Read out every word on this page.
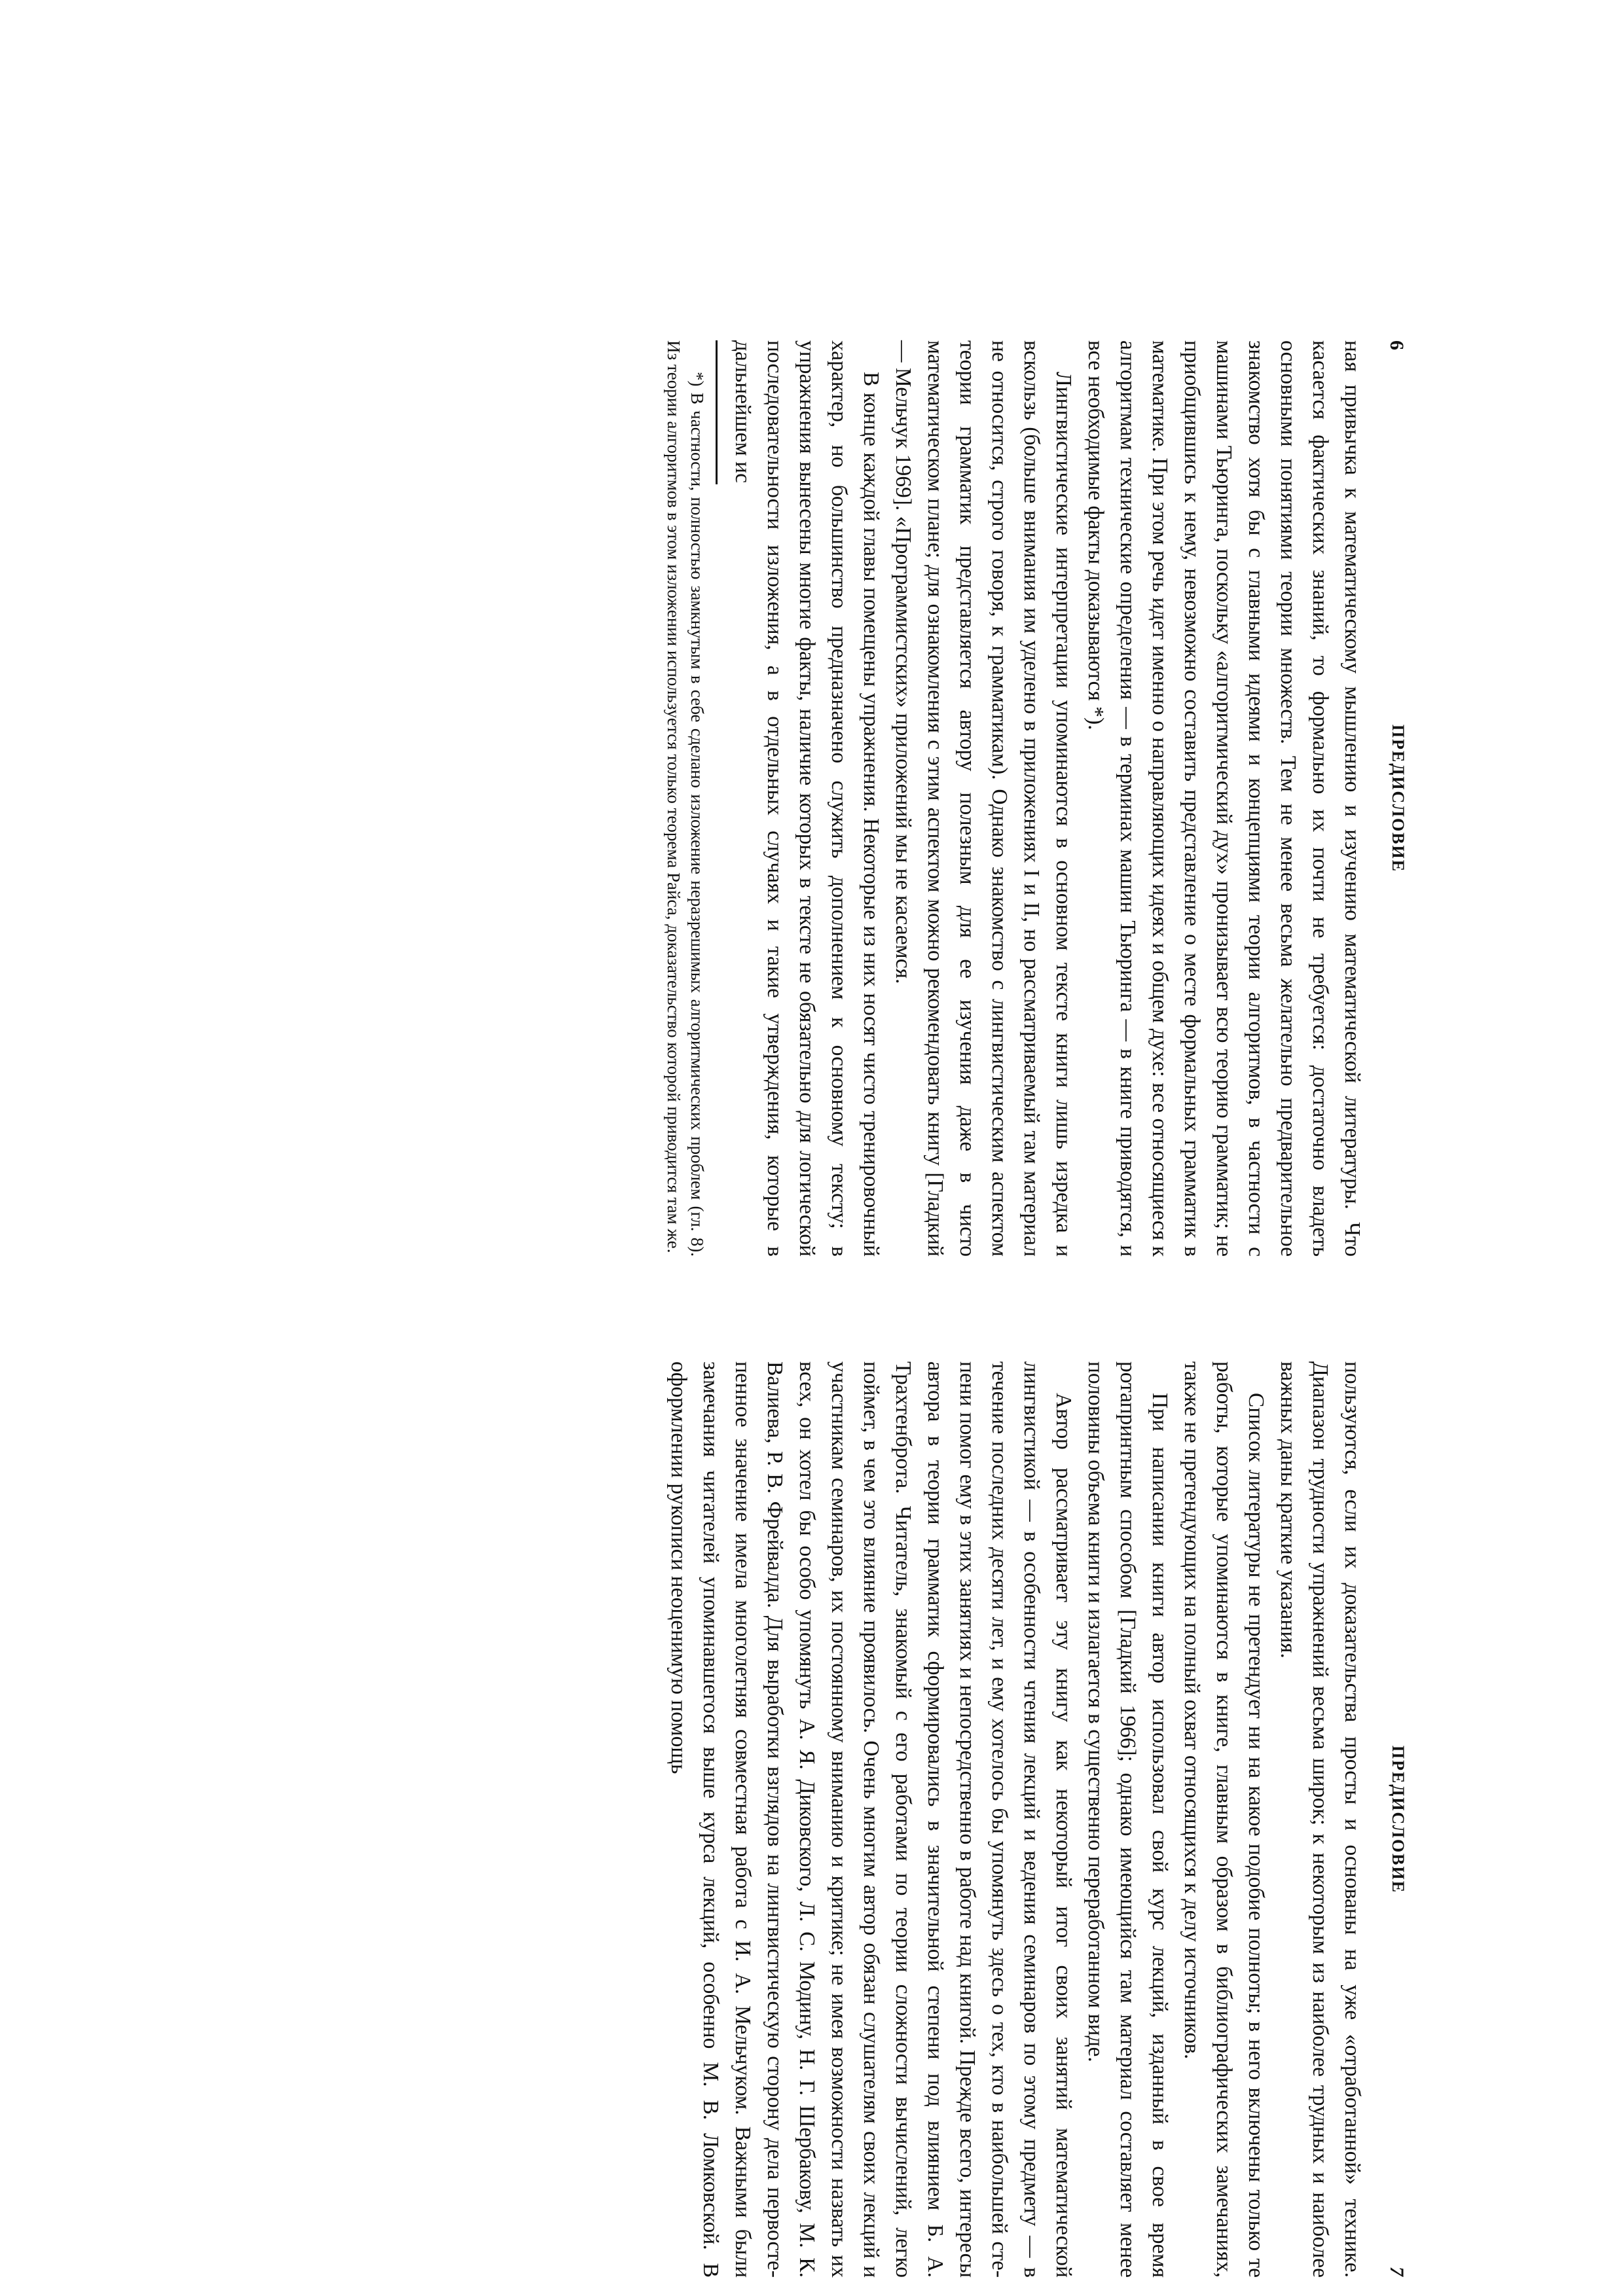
6
ПРЕДИСЛОВИЕ

ная привычка к математическому мышлению и изучению математической литературы. Что касается фактических знаний, то формально их почти не требуется: достаточно владеть основными понятиями теории множеств. Тем не менее весьма желательно предварительное знакомство хотя бы с главными идеями и концепциями теории алгоритмов, в частности с машинами Тьюринга, поскольку «алгоритмический дух» пронизывает всю теорию грамматик; не приобщившись к нему, невозможно составить представление о месте формальных грамматик в математике. При этом речь идет именно о направляющих идеях и общем духе: все относящиеся к алгоритмам технические определения — в терминах машин Тьюринга — в книге приводятся, и все необходимые факты доказываются *).

Лингвистические интерпретации упоминаются в основном тексте книги лишь изредка и вскользь (больше внимания им уделено в приложениях I и II, но рассматриваемый там материал не относится, строго говоря, к грамматикам). Однако знакомство с лингвистическим аспектом теории грамматик представляется автору полезным для ее изучения даже в чисто математическом плане; для ознакомления с этим аспектом можно рекомендовать книгу [Гладкий — Мельчук 1969]. «Программистских» приложений мы не касаемся.

В конце каждой главы помещены упражнения. Некоторые из них носят чисто тренировочный характер, но большинство предназначено служить дополнением к основному тексту; в упражнения вынесены многие факты, наличие которых в тексте не обязательно для логической последовательности изложения, а в отдельных случаях и такие утверждения, которые в дальнейшем ис

*) В частности, полностью замкнутым в себе сделано изложение неразрешимых алгоритмических проблем (гл. 8). Из теории алгоритмов в этом изложении используется только теорема Райса, доказательство которой приводится там же.

ПРЕДИСЛОВИЕ
7

пользуются, если их доказательства просты и основаны на уже «отработанной» технике. Диапазон трудности упражнений весьма широк; к некоторым из наиболее трудных и наиболее важных даны краткие указания.

Список литературы не претендует ни на какое подобие полноты; в него включены только те работы, которые упоминаются в книге, главным образом в библиографических замечаниях, также не претендующих на полный охват относящихся к делу источников.

При написании книги автор использовал свой курс лекций, изданный в свое время ротапринтным способом [Гладкий 1966]; однако имеющийся там материал составляет менее половины объема книги и излагается в существенно переработанном виде.

Автор рассматривает эту книгу как некоторый итог своих занятий математической лингвистикой — в особенности чтения лекций и ведения семинаров по этому предмету — в течение последних десяти лет, и ему хотелось бы упомянуть здесь о тех, кто в наибольшей степени помог ему в этих занятиях и непосредственно в работе над книгой. Прежде всего, интересы автора в теории грамматик сформировались в значительной степени под влиянием Б. А. Трахтенброта. Читатель, знакомый с его работами по теории сложности вычислений, легко поймет, в чем это влияние проявилось. Очень многим автор обязан слушателям своих лекций и участникам семинаров, их постоянному вниманию и критике; не имея возможности назвать их всех, он хотел бы особо упомянуть А. Я. Диковского, Л. С. Модину, Н. Г. Шербакову, М. К. Валиева, Р. В. Фрейвалда. Для выработки взглядов на лингвистическую сторону дела первостепенное значение имела многолетняя совместная работа с И. А. Мельчуком. Важными были замечания читателей упоминавшегося выше курса лекций, особенно М. В. Ломковской. В оформлении рукописи неоценимую помощь
